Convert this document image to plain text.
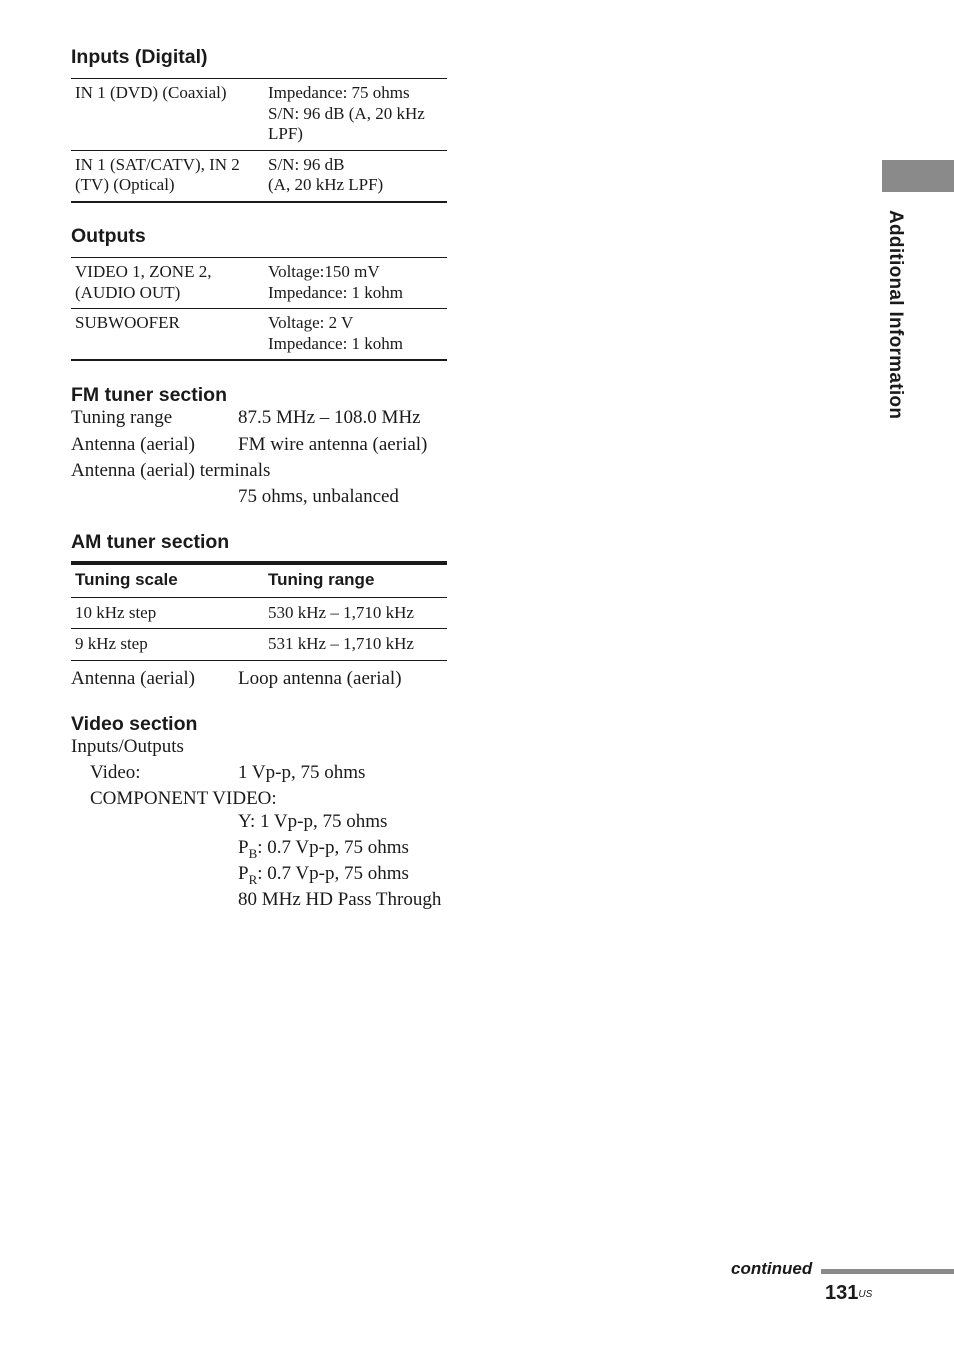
Inputs (Digital)
IN 1 (DVD) (Coaxial)	Impedance: 75 ohms
S/N: 96 dB (A, 20 kHz
LPF)
IN 1 (SAT/CATV), IN 2
(TV) (Optical)	S/N: 96 dB
(A, 20 kHz LPF)
Outputs
VIDEO 1, ZONE 2,
(AUDIO OUT)	Voltage:150 mV
Impedance: 1 kohm
SUBWOOFER	Voltage: 2 V
Impedance: 1 kohm
FM tuner section
Tuning range	87.5 MHz – 108.0 MHz
Antenna (aerial) FM wire antenna (aerial)
Antenna (aerial) terminals
75 ohms, unbalanced
AM tuner section
Tuning scale	Tuning range
10 kHz step	530 kHz – 1,710 kHz
9 kHz step	531 kHz – 1,710 kHz
Antenna (aerial) Loop antenna (aerial)
Video section
Inputs/Outputs
Video:	1 Vp-p, 75 ohms
COMPONENT VIDEO:
Y: 1 Vp-p, 75 ohms
$P_B$: 0.7 Vp-p, 75 ohms
$P_R$: 0.7 Vp-p, 75 ohms
80 MHz HD Pass Through
Additional Information
continued
$131^{US}$
